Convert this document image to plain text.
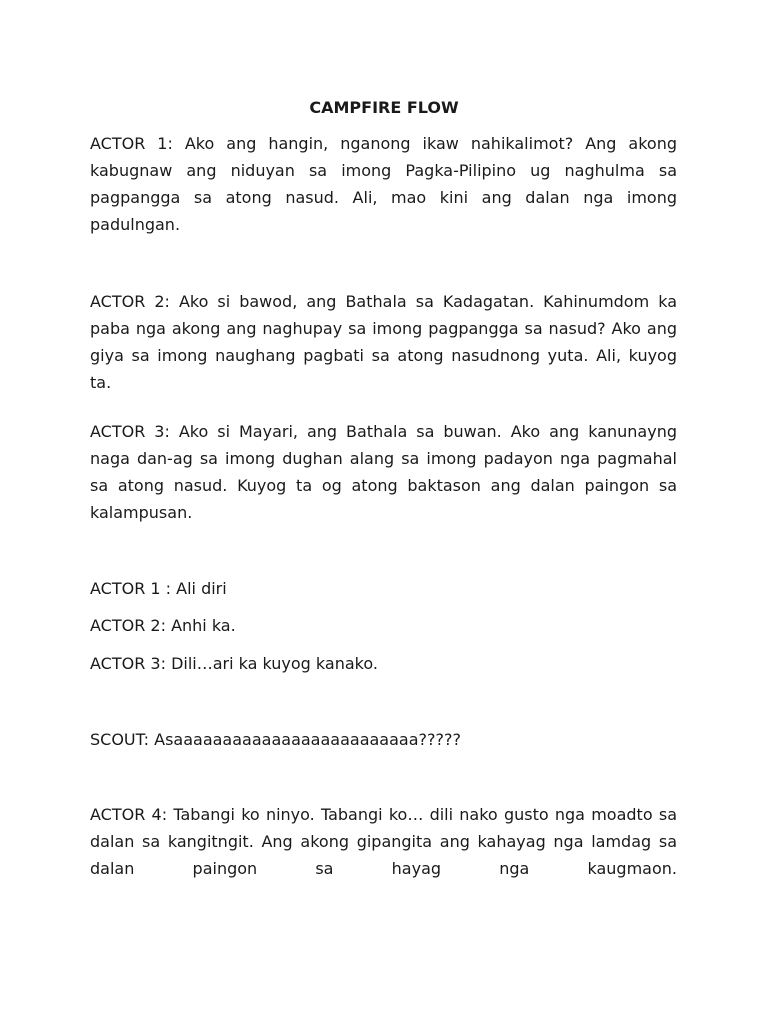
CAMPFIRE FLOW

ACTOR 1: Ako ang hangin, nganong ikaw nahikalimot? Ang akong kabugnaw ang niduyan sa imong Pagka-Pilipino ug naghulma sa pagpangga sa atong nasud. Ali, mao kini ang dalan nga imong padulngan.

ACTOR 2: Ako si bawod, ang Bathala sa Kadagatan. Kahinumdom ka paba nga akong ang naghupay sa imong pagpangga sa nasud? Ako ang giya sa imong naughang pagbati sa atong nasudnong yuta. Ali, kuyog ta.

ACTOR 3: Ako si Mayari, ang Bathala sa buwan. Ako ang kanunayng naga dan-ag sa imong dughan alang sa imong padayon nga pagmahal sa atong nasud. Kuyog ta og atong baktason ang dalan paingon sa kalampusan.

ACTOR 1 : Ali diri

ACTOR 2: Anhi ka.

ACTOR 3: Dili…ari ka kuyog kanako.

SCOUT: Asaaaaaaaaaaaaaaaaaaaaaaaaa?????

ACTOR 4: Tabangi ko ninyo. Tabangi ko… dili nako gusto nga moadto sa dalan sa kangitngit. Ang akong gipangita ang kahayag nga lamdag sa dalan paingon sa hayag nga kaugmaon.
